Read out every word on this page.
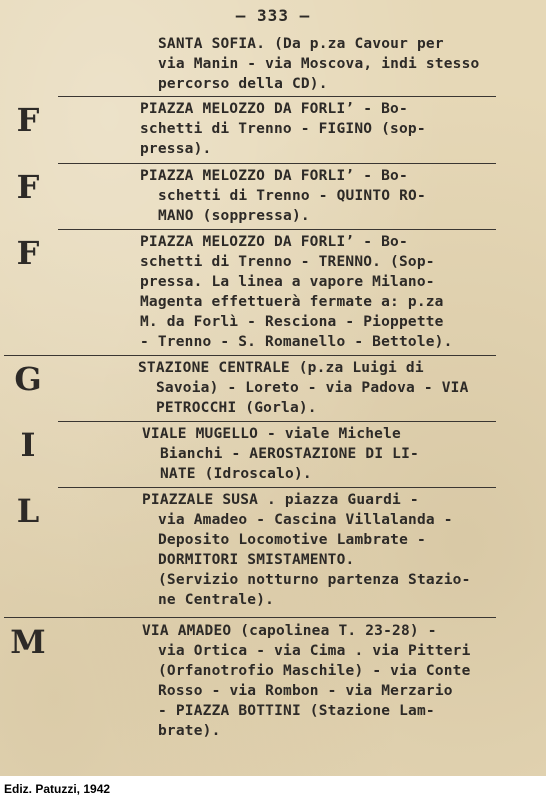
— 333 —
SANTA SOFIA. (Da p.za Cavour per
via Manin - via Moscova, indi stesso
percorso della CD).
F	PIAZZA MELOZZO DA FORLI’ - Bo-
schetti di Trenno - FIGINO (sop-
pressa).
F	PIAZZA MELOZZO DA FORLI’ - Bo-
schetti di Trenno - QUINTO RO-
MANO (soppressa).
F	PIAZZA MELOZZO DA FORLI’ - Bo-
schetti di Trenno - TRENNO. (Sop-
pressa. La linea a vapore Milano-
Magenta effettuerà fermate a: p.za
M. da Forlì - Resciona - Pioppette
- Trenno - S. Romanello - Bettole).
G	STAZIONE CENTRALE (p.za Luigi di
Savoia) - Loreto - via Padova - VIA
PETROCCHI (Gorla).
I	VIALE MUGELLO - viale Michele
Bianchi - AEROSTAZIONE DI LI-
NATE (Idroscalo).
L	PIAZZALE SUSA . piazza Guardi -
via Amadeo - Cascina Villalanda -
Deposito Locomotive Lambrate -
DORMITORI SMISTAMENTO.
(Servizio notturno partenza Stazio-
ne Centrale).
M	VIA AMADEO (capolinea T. 23-28) -
via Ortica - via Cima . via Pitteri
(Orfanotrofio Maschile) - via Conte
Rosso - via Rombon - via Merzario
- PIAZZA BOTTINI (Stazione Lam-
brate).
Ediz. Patuzzi, 1942
